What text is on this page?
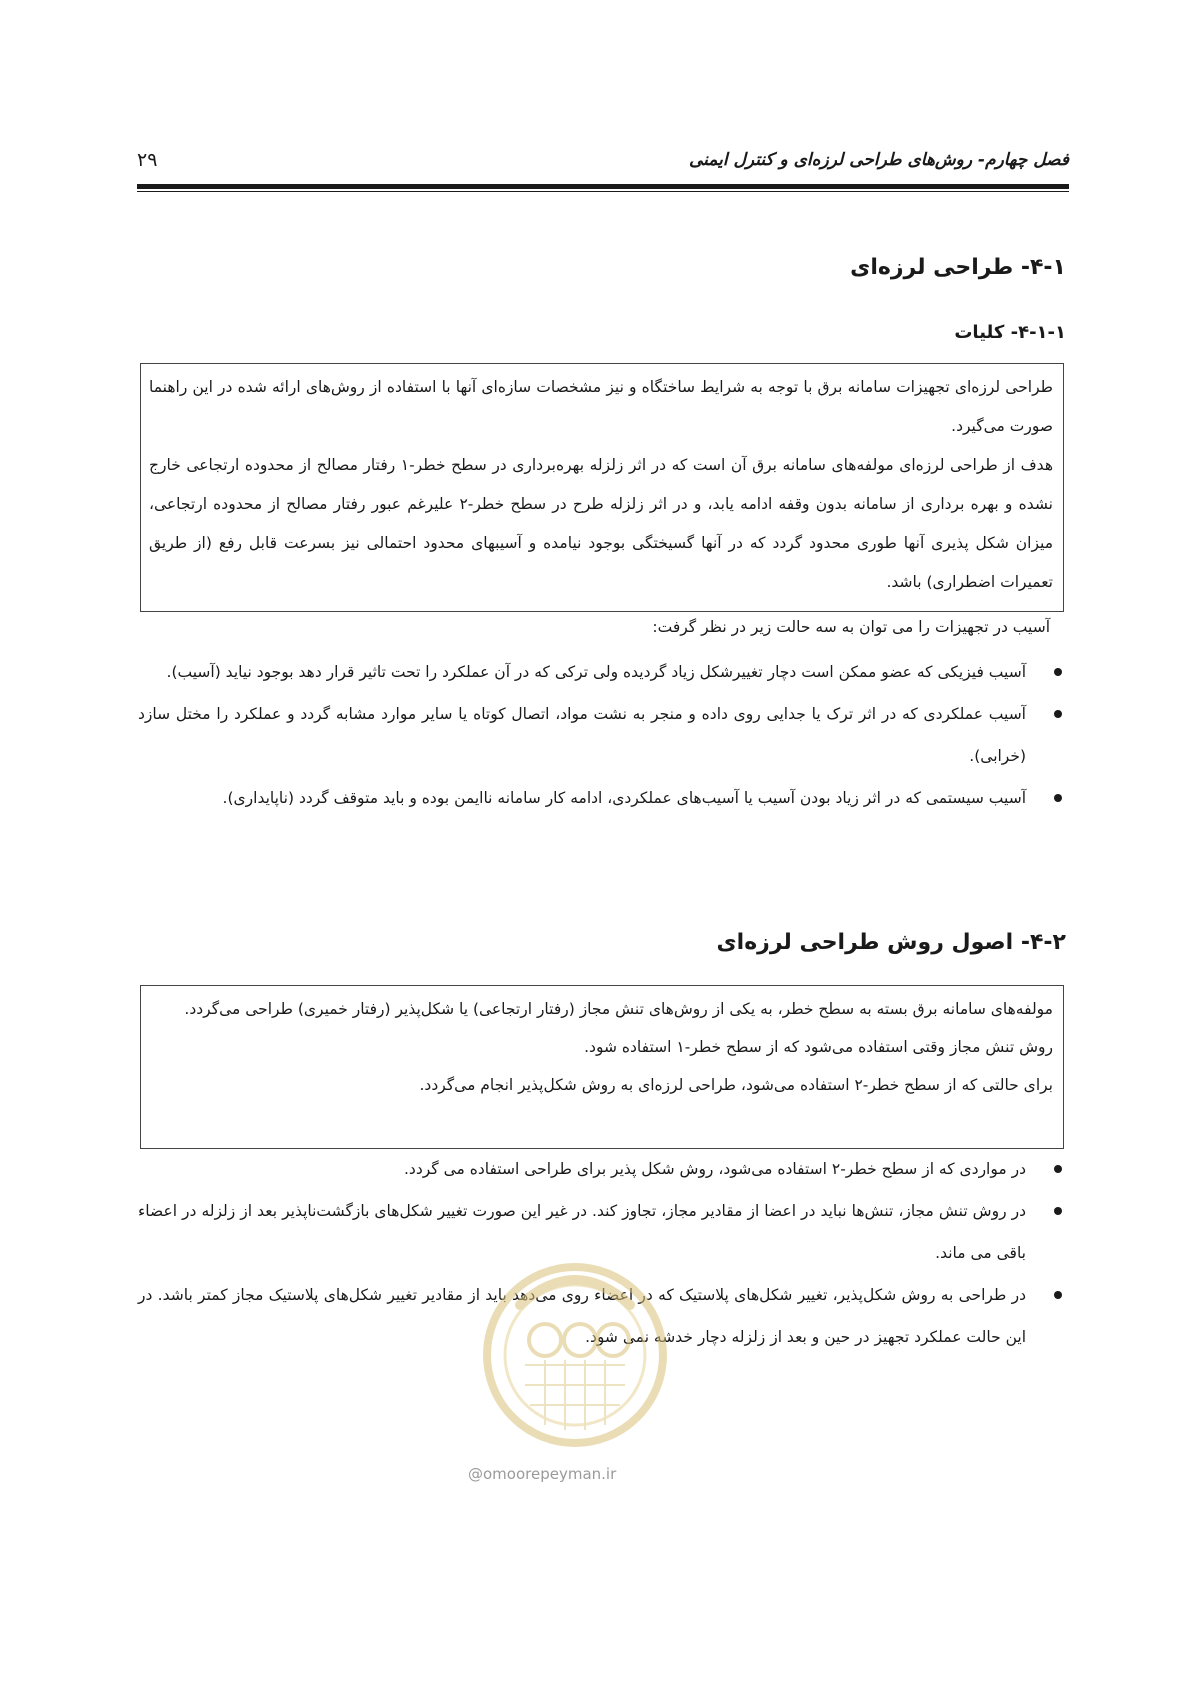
۲۹	فصل چهارم- روش‌های طراحی لرزه‌ای و کنترل ایمنی
۴-۱- طراحی لرزه‌ای
۴-۱-۱- کلیات

طراحی لرزه‌ای تجهیزات سامانه برق با توجه به شرایط ساختگاه و نیز مشخصات سازه‌ای آنها با استفاده از روش‌های ارائه شده در این راهنما صورت می‌گیرد.

هدف از طراحی لرزه‌ای مولفه‌های سامانه برق آن است که در اثر زلزله بهره‌برداری در سطح خطر-۱ رفتار مصالح از محدوده ارتجاعی خارج نشده و بهره برداری از سامانه بدون وقفه ادامه یابد، و در اثر زلزله طرح در سطح خطر-۲ علیرغم عبور رفتار مصالح از محدوده ارتجاعی، میزان شکل پذیری آنها طوری محدود گردد که در آنها گسیختگی بوجود نیامده و آسیبهای محدود احتمالی نیز بسرعت قابل رفع (از طریق تعمیرات اضطراری) باشد.

آسیب در تجهیزات را می توان به سه حالت زیر در نظر گرفت:
آسیب فیزیکی که عضو ممکن است دچار تغییرشکل زیاد گردیده ولی ترکی که در آن عملکرد را تحت تاثیر قرار دهد بوجود نیاید (آسیب).
آسیب عملکردی که در اثر ترک یا جدایی روی داده و منجر به نشت مواد، اتصال کوتاه یا سایر موارد مشابه گردد و عملکرد را مختل سازد (خرابی).
آسیب سیستمی که در اثر زیاد بودن آسیب یا آسیب‌های عملکردی، ادامه کار سامانه ناایمن بوده و باید متوقف گردد (ناپایداری).
۴-۲- اصول روش طراحی لرزه‌ای

مولفه‌های سامانه برق بسته به سطح خطر، به یکی از روش‌های تنش مجاز (رفتار ارتجاعی) یا شکل‌پذیر (رفتار خمیری) طراحی می‌گردد.

روش تنش مجاز وقتی استفاده می‌شود که از سطح خطر-۱ استفاده شود.

برای حالتی که از سطح خطر-۲ استفاده می‌شود، طراحی لرزه‌ای به روش شکل‌پذیر انجام می‌گردد.

در مواردی که از سطح خطر-۲ استفاده می‌شود، روش شکل پذیر برای طراحی استفاده می گردد.
در روش تنش مجاز، تنش‌ها نباید در اعضا از مقادیر مجاز، تجاوز کند. در غیر این صورت تغییر شکل‌های بازگشت‌ناپذیر بعد از زلزله در اعضاء باقی می ماند.
در طراحی به روش شکل‌پذیر، تغییر شکل‌های پلاستیک که در اعضاء روی می‌دهد باید از مقادیر تغییر شکل‌های پلاستیک مجاز کمتر باشد. در این حالت عملکرد تجهیز در حین و بعد از زلزله دچار خدشه نمی شود.
@omoorepeyman.ir
